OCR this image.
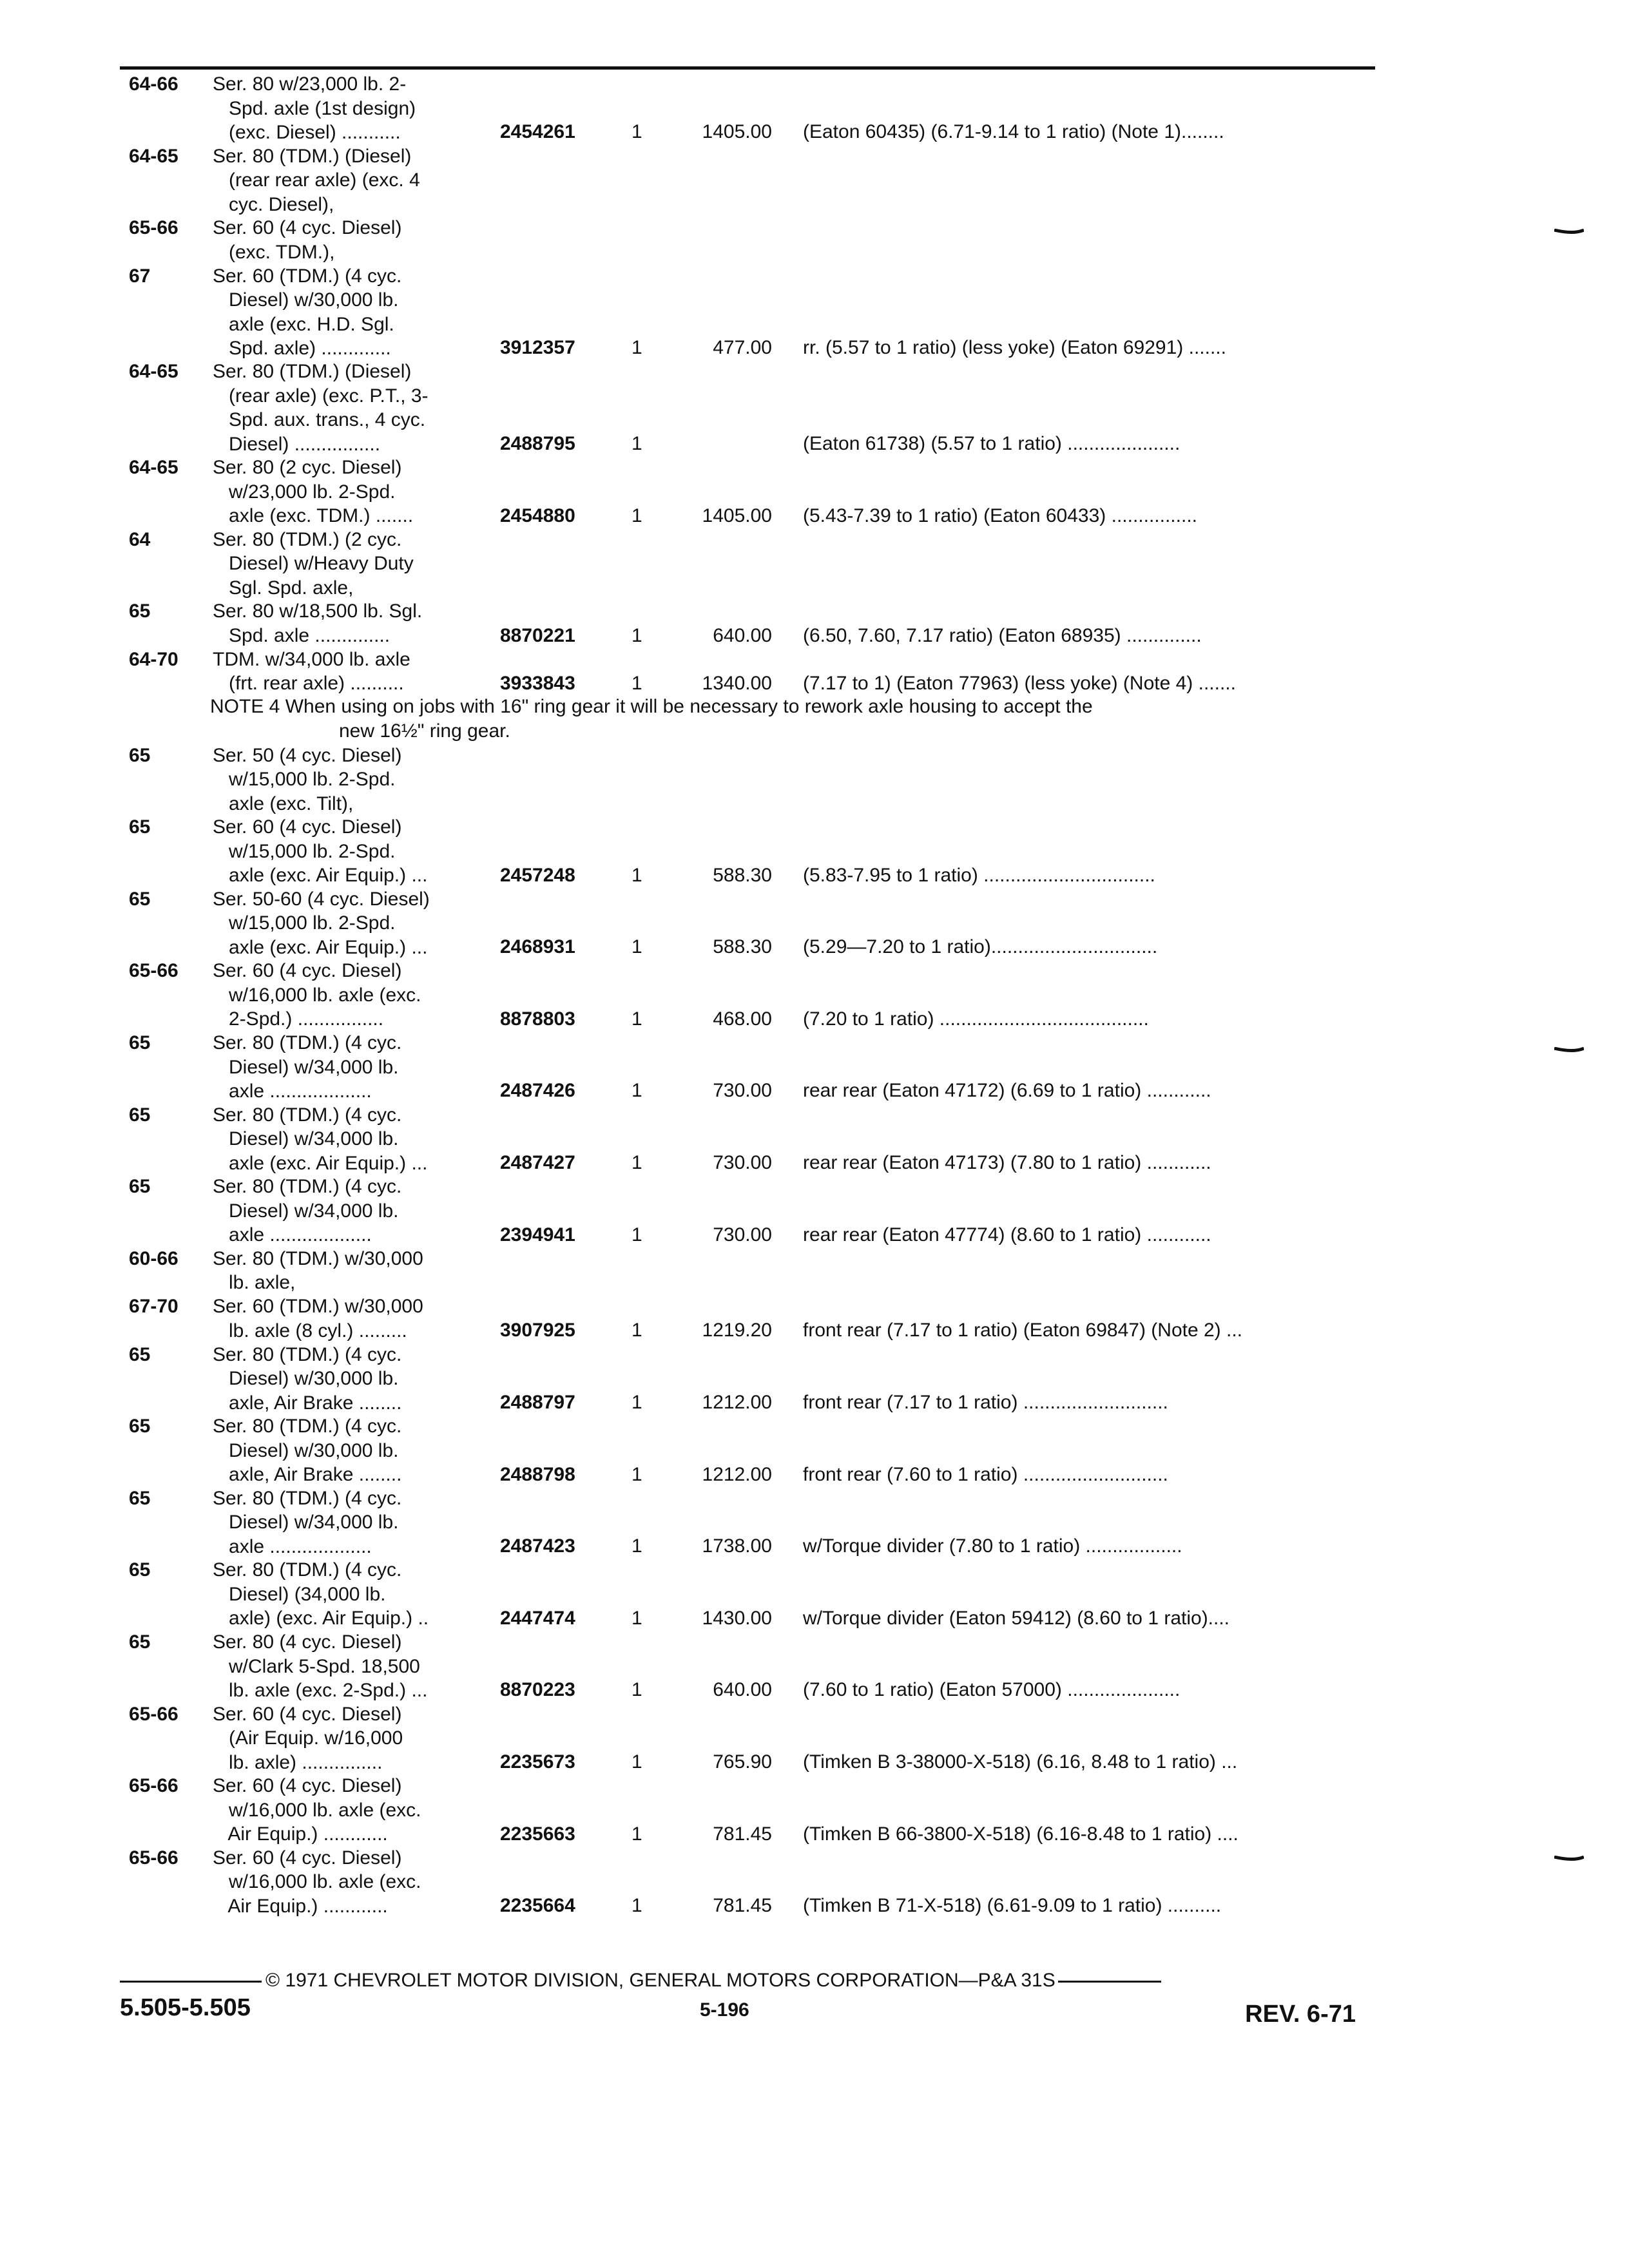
64-66 Ser. 80 w/23,000 lb. 2-
Spd. axle (1st design)
(exc. Diesel) ...........	2454261	1	1405.00 (Eaton 60435) (6.71-9.14 to 1 ratio) (Note 1)........
64-65 Ser. 80 (TDM.) (Diesel)
(rear rear axle) (exc. 4
cyc. Diesel),
65-66 Ser. 60 (4 cyc. Diesel)
(exc. TDM.),
67	Ser. 60 (TDM.) (4 cyc.
Diesel) w/30,000 lb.
axle (exc. H.D. Sgl.
Spd. axle) .............	3912357	1	477.00 rr. (5.57 to 1 ratio) (less yoke) (Eaton 69291) .......
64-65 Ser. 80 (TDM.) (Diesel)
(rear axle) (exc. P.T., 3-
Spd. aux. trans., 4 cyc.
Diesel) ................	2488795	1	(Eaton 61738) (5.57 to 1 ratio) .....................
64-65 Ser. 80 (2 cyc. Diesel)
w/23,000 lb. 2-Spd.
axle (exc. TDM.) .......	2454880	1	1405.00 (5.43-7.39 to 1 ratio) (Eaton 60433) ................
64	Ser. 80 (TDM.) (2 cyc.
Diesel) w/Heavy Duty
Sgl. Spd. axle,
65	Ser. 80 w/18,500 lb. Sgl.
Spd. axle ..............	8870221	1	640.00 (6.50, 7.60, 7.17 ratio) (Eaton 68935) ..............
64-70 TDM. w/34,000 lb. axle
(frt. rear axle) ..........	3933843	1	1340.00 (7.17 to 1) (Eaton 77963) (less yoke) (Note 4) .......
65	Ser. 50 (4 cyc. Diesel)
w/15,000 lb. 2-Spd.
axle (exc. Tilt),
65	Ser. 60 (4 cyc. Diesel)
w/15,000 lb. 2-Spd.
axle (exc. Air Equip.) ...	2457248	1	588.30 (5.83-7.95 to 1 ratio) ................................
65	Ser. 50-60 (4 cyc. Diesel)
w/15,000 lb. 2-Spd.
axle (exc. Air Equip.) ...	2468931	1	588.30 (5.29—7.20 to 1 ratio)...............................
65-66 Ser. 60 (4 cyc. Diesel)
w/16,000 lb. axle (exc.
2-Spd.) ................	8878803	1	468.00 (7.20 to 1 ratio) .......................................
65	Ser. 80 (TDM.) (4 cyc.
Diesel) w/34,000 lb.
axle ...................	2487426	1	730.00 rear rear (Eaton 47172) (6.69 to 1 ratio) ............
65	Ser. 80 (TDM.) (4 cyc.
Diesel) w/34,000 lb.
axle (exc. Air Equip.) ...	2487427	1	730.00 rear rear (Eaton 47173) (7.80 to 1 ratio) ............
65	Ser. 80 (TDM.) (4 cyc.
Diesel) w/34,000 lb.
axle ...................	2394941	1	730.00 rear rear (Eaton 47774) (8.60 to 1 ratio) ............
60-66 Ser. 80 (TDM.) w/30,000
lb. axle,
67-70 Ser. 60 (TDM.) w/30,000
lb. axle (8 cyl.) .........	3907925	1	1219.20 front rear (7.17 to 1 ratio) (Eaton 69847) (Note 2) ...
65	Ser. 80 (TDM.) (4 cyc.
Diesel) w/30,000 lb.
axle, Air Brake ........	2488797	1	1212.00 front rear (7.17 to 1 ratio) ...........................
65	Ser. 80 (TDM.) (4 cyc.
Diesel) w/30,000 lb.
axle, Air Brake ........	2488798	1	1212.00 front rear (7.60 to 1 ratio) ...........................
65	Ser. 80 (TDM.) (4 cyc.
Diesel) w/34,000 lb.
axle ...................	2487423	1	1738.00 w/Torque divider (7.80 to 1 ratio) ..................
65	Ser. 80 (TDM.) (4 cyc.
Diesel) (34,000 lb.
axle) (exc. Air Equip.) ..	2447474	1	1430.00 w/Torque divider (Eaton 59412) (8.60 to 1 ratio)....
65	Ser. 80 (4 cyc. Diesel)
w/Clark 5-Spd. 18,500
lb. axle (exc. 2-Spd.) ...	8870223	1	640.00 (7.60 to 1 ratio) (Eaton 57000) .....................
65-66 Ser. 60 (4 cyc. Diesel)
(Air Equip. w/16,000
lb. axle) ...............	2235673	1	765.90 (Timken B 3-38000-X-518) (6.16, 8.48 to 1 ratio) ...
65-66 Ser. 60 (4 cyc. Diesel)
w/16,000 lb. axle (exc.
Air Equip.) ............	2235663	1	781.45 (Timken B 66-3800-X-518) (6.16-8.48 to 1 ratio) ....
65-66 Ser. 60 (4 cyc. Diesel)
w/16,000 lb. axle (exc.
Air Equip.) ............	2235664	1	781.45 (Timken B 71-X-518) (6.61-9.09 to 1 ratio) ..........
NOTE 4 When using on jobs with 16" ring gear it will be necessary to rework axle housing to accept the
new 16½" ring gear.
© 1971 CHEVROLET MOTOR DIVISION, GENERAL MOTORS CORPORATION—P&A 31S
5.505-5.505	5-196	REV. 6-71
